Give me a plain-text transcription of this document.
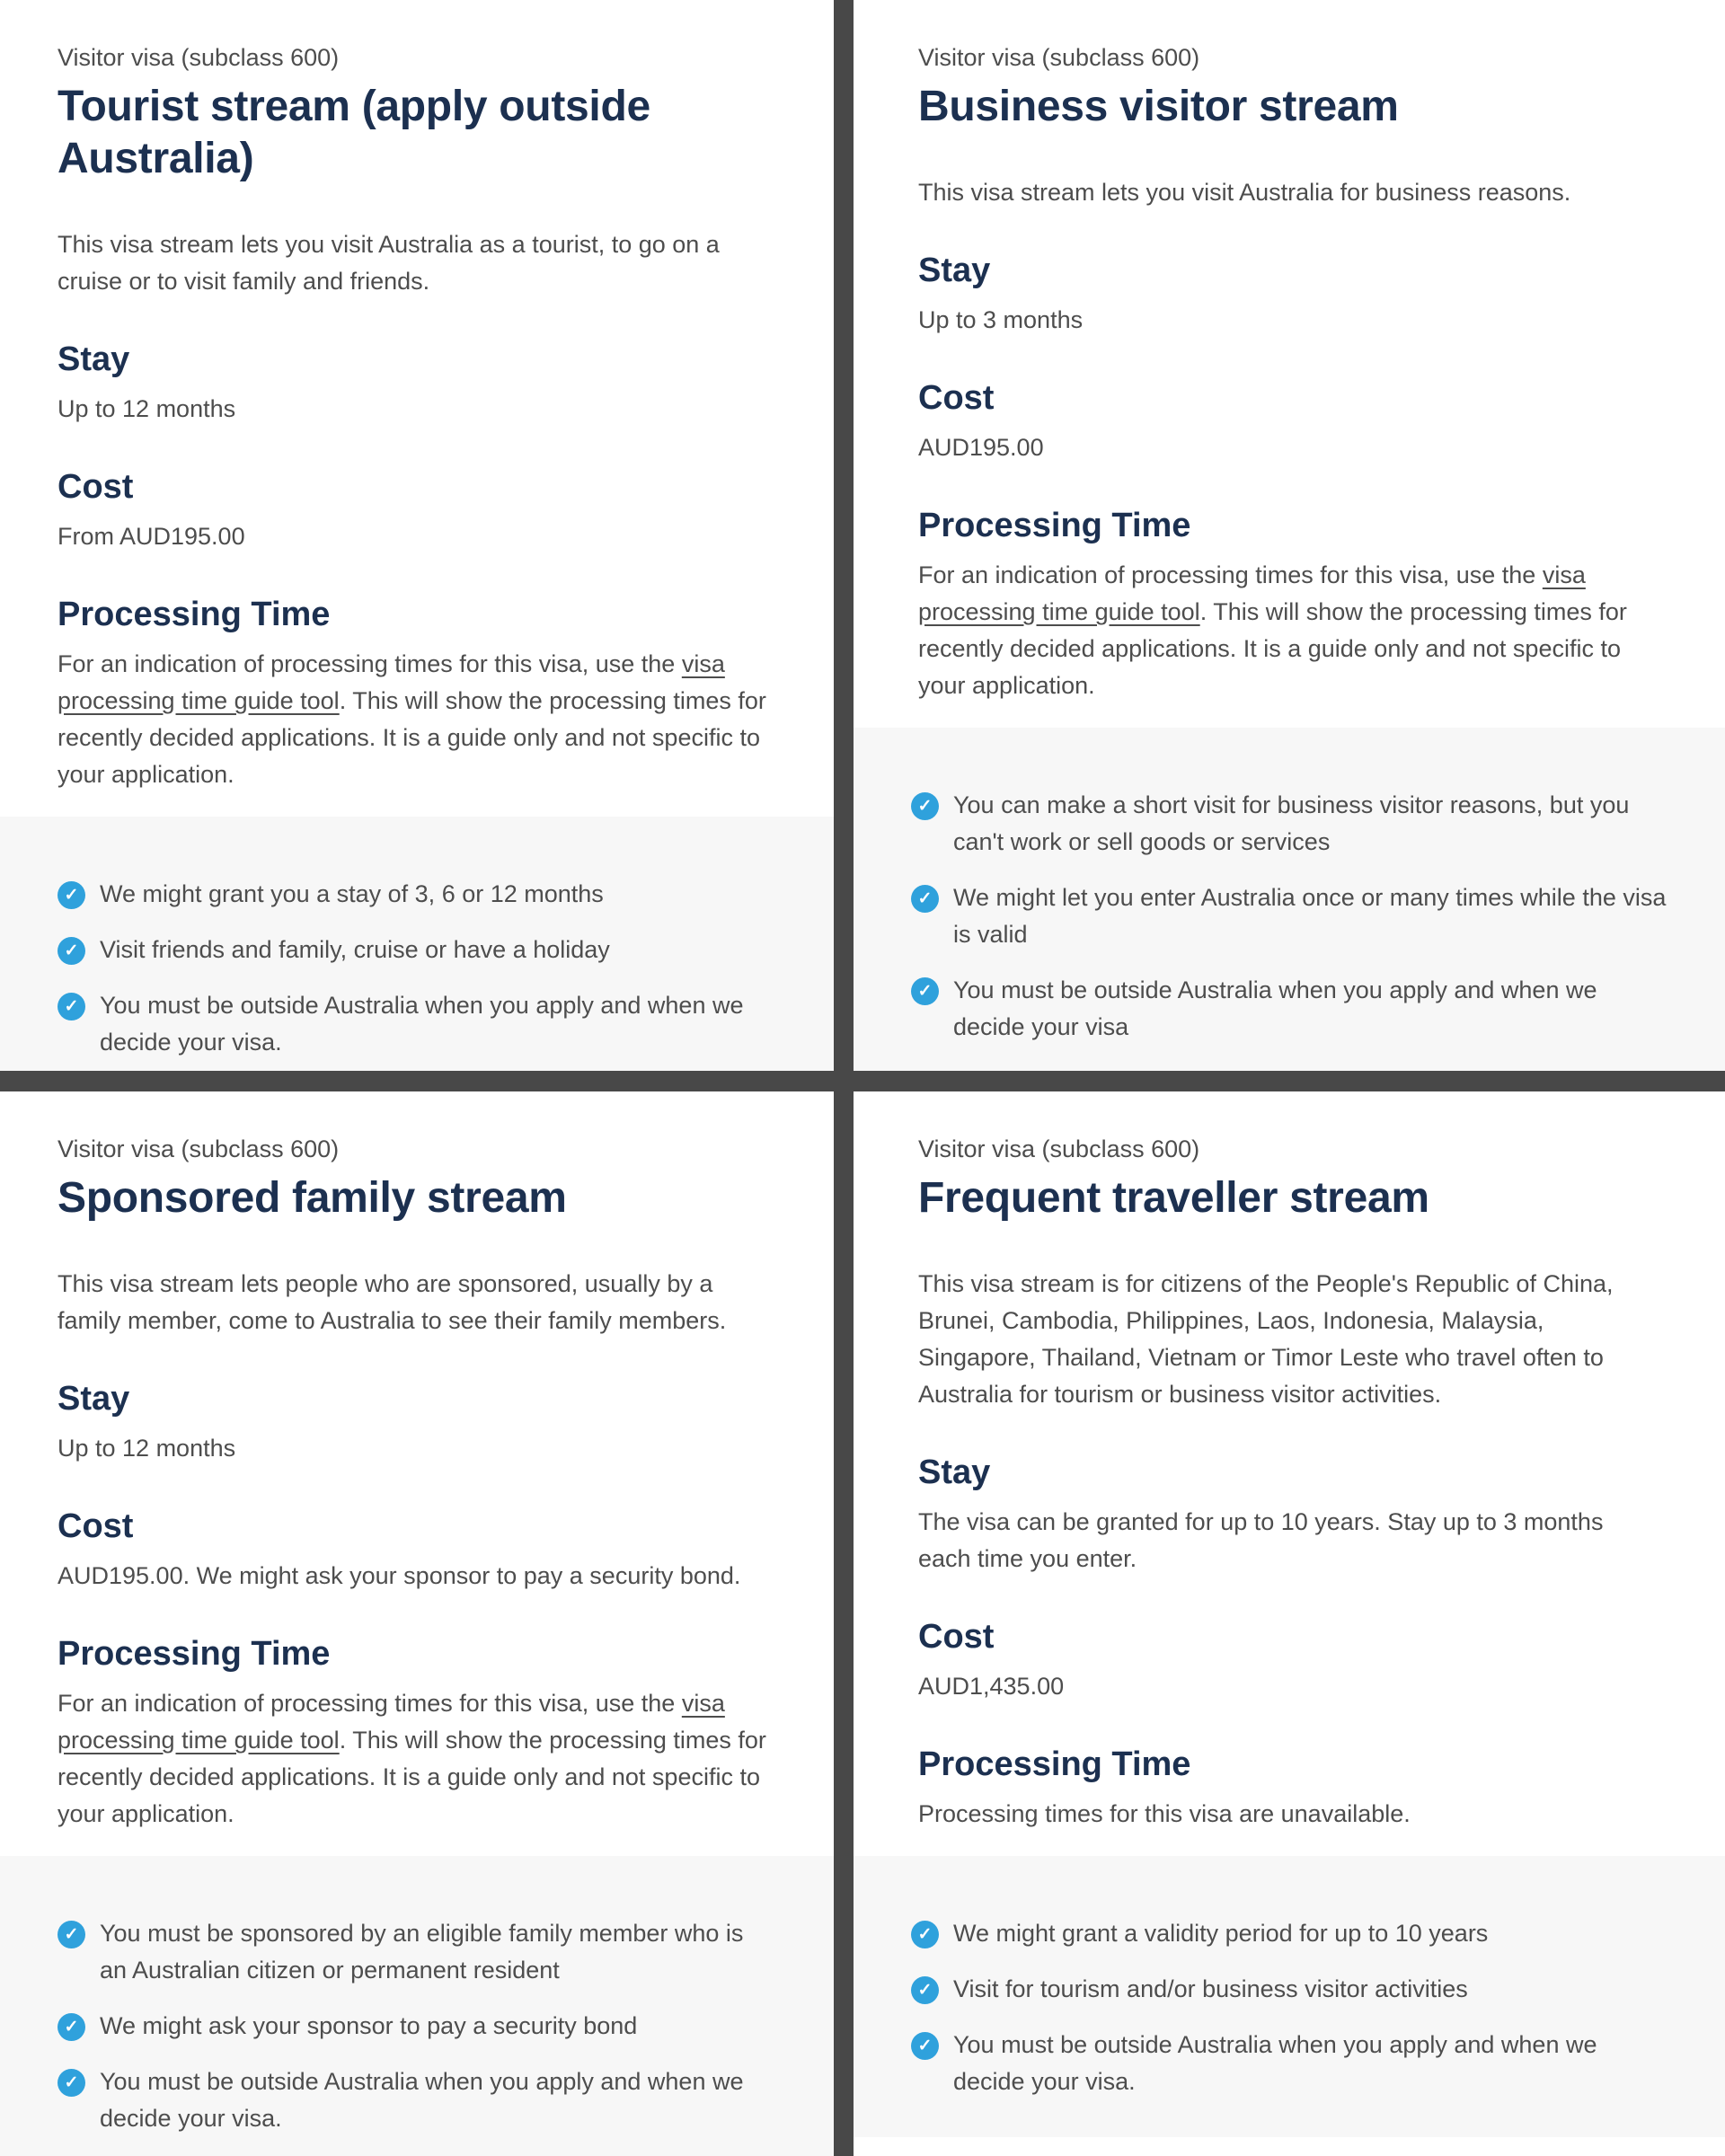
Visitor visa (subclass 600)

Tourist stream (apply outside Australia)

This visa stream lets you visit Australia as a tourist, to go on a cruise or to visit family and friends.

Stay

Up to 12 months

Cost

From AUD195.00

Processing Time

For an indication of processing times for this visa, use the visa processing time guide tool. This will show the processing times for recently decided applications. It is a guide only and not specific to your application.

✓ We might grant you a stay of 3, 6 or 12 months
✓ Visit friends and family, cruise or have a holiday
✓ You must be outside Australia when you apply and when we decide your visa.

Visitor visa (subclass 600)

Business visitor stream

This visa stream lets you visit Australia for business reasons.

Stay

Up to 3 months

Cost

AUD195.00

Processing Time

For an indication of processing times for this visa, use the visa processing time guide tool. This will show the processing times for recently decided applications. It is a guide only and not specific to your application.

✓ You can make a short visit for business visitor reasons, but you can't work or sell goods or services
✓ We might let you enter Australia once or many times while the visa is valid
✓ You must be outside Australia when you apply and when we decide your visa

Visitor visa (subclass 600)

Sponsored family stream

This visa stream lets people who are sponsored, usually by a family member, come to Australia to see their family members.

Stay

Up to 12 months

Cost

AUD195.00. We might ask your sponsor to pay a security bond.

Processing Time

For an indication of processing times for this visa, use the visa processing time guide tool. This will show the processing times for recently decided applications. It is a guide only and not specific to your application.

✓ You must be sponsored by an eligible family member who is an Australian citizen or permanent resident
✓ We might ask your sponsor to pay a security bond
✓ You must be outside Australia when you apply and when we decide your visa.

Visitor visa (subclass 600)

Frequent traveller stream

This visa stream is for citizens of the People's Republic of China, Brunei, Cambodia, Philippines, Laos, Indonesia, Malaysia, Singapore, Thailand, Vietnam or Timor Leste who travel often to Australia for tourism or business visitor activities.

Stay

The visa can be granted for up to 10 years. Stay up to 3 months each time you enter.

Cost

AUD1,435.00

Processing Time

Processing times for this visa are unavailable.

✓ We might grant a validity period for up to 10 years
✓ Visit for tourism and/or business visitor activities
✓ You must be outside Australia when you apply and when we decide your visa.
